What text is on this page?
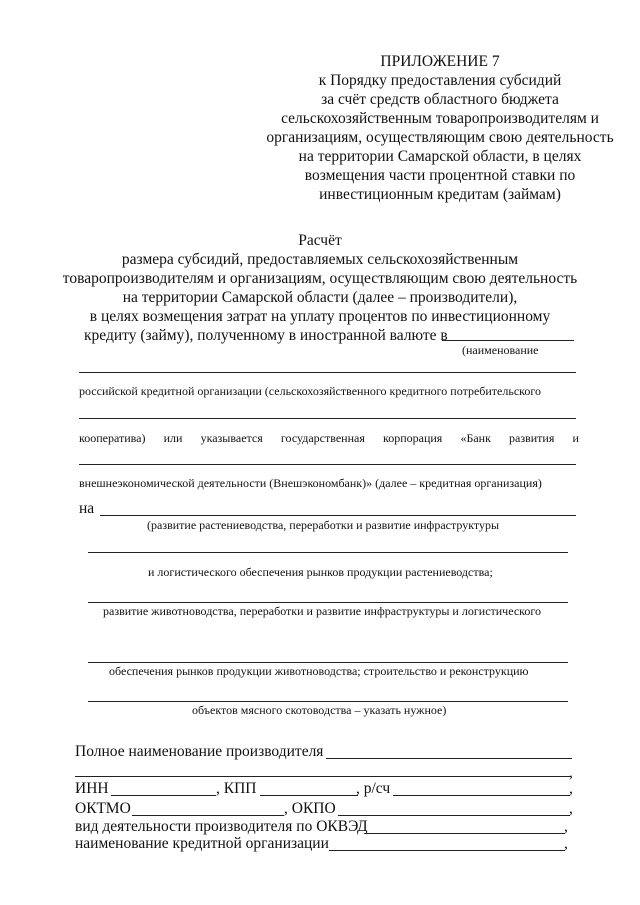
ПРИЛОЖЕНИЕ 7
к Порядку предоставления субсидий
за счёт средств областного бюджета
сельскохозяйственным товаропроизводителям и
организациям, осуществляющим свою деятельность
на территории Самарской области, в целях
возмещения части процентной ставки по
инвестиционным кредитам (займам)
Расчёт
размера субсидий, предоставляемых сельскохозяйственным
товаропроизводителям и организациям, осуществляющим свою деятельность
на территории Самарской области (далее – производители),
в целях возмещения затрат на уплату процентов по инвестиционному
кредиту (займу), полученному в иностранной валюте в
(наименование
российской кредитной организации (сельскохозяйственного кредитного потребительского
кооператива) или указывается государственная корпорация «Банк развития и
внешнеэкономической деятельности (Внешэкономбанк)» (далее – кредитная организация)
на
(развитие растениеводства, переработки и развитие инфраструктуры
и логистического обеспечения рынков продукции растениеводства;
развитие животноводства, переработки и развитие инфраструктуры и логистического
обеспечения рынков продукции животноводства; строительство и реконструкцию
объектов мясного скотоводства – указать нужное)
Полное наименование производителя
,
ИНН	, КПП	, р/сч	,
ОКТМО	, ОКПО	,
вид деятельности производителя по ОКВЭД	,
наименование кредитной организации	,
